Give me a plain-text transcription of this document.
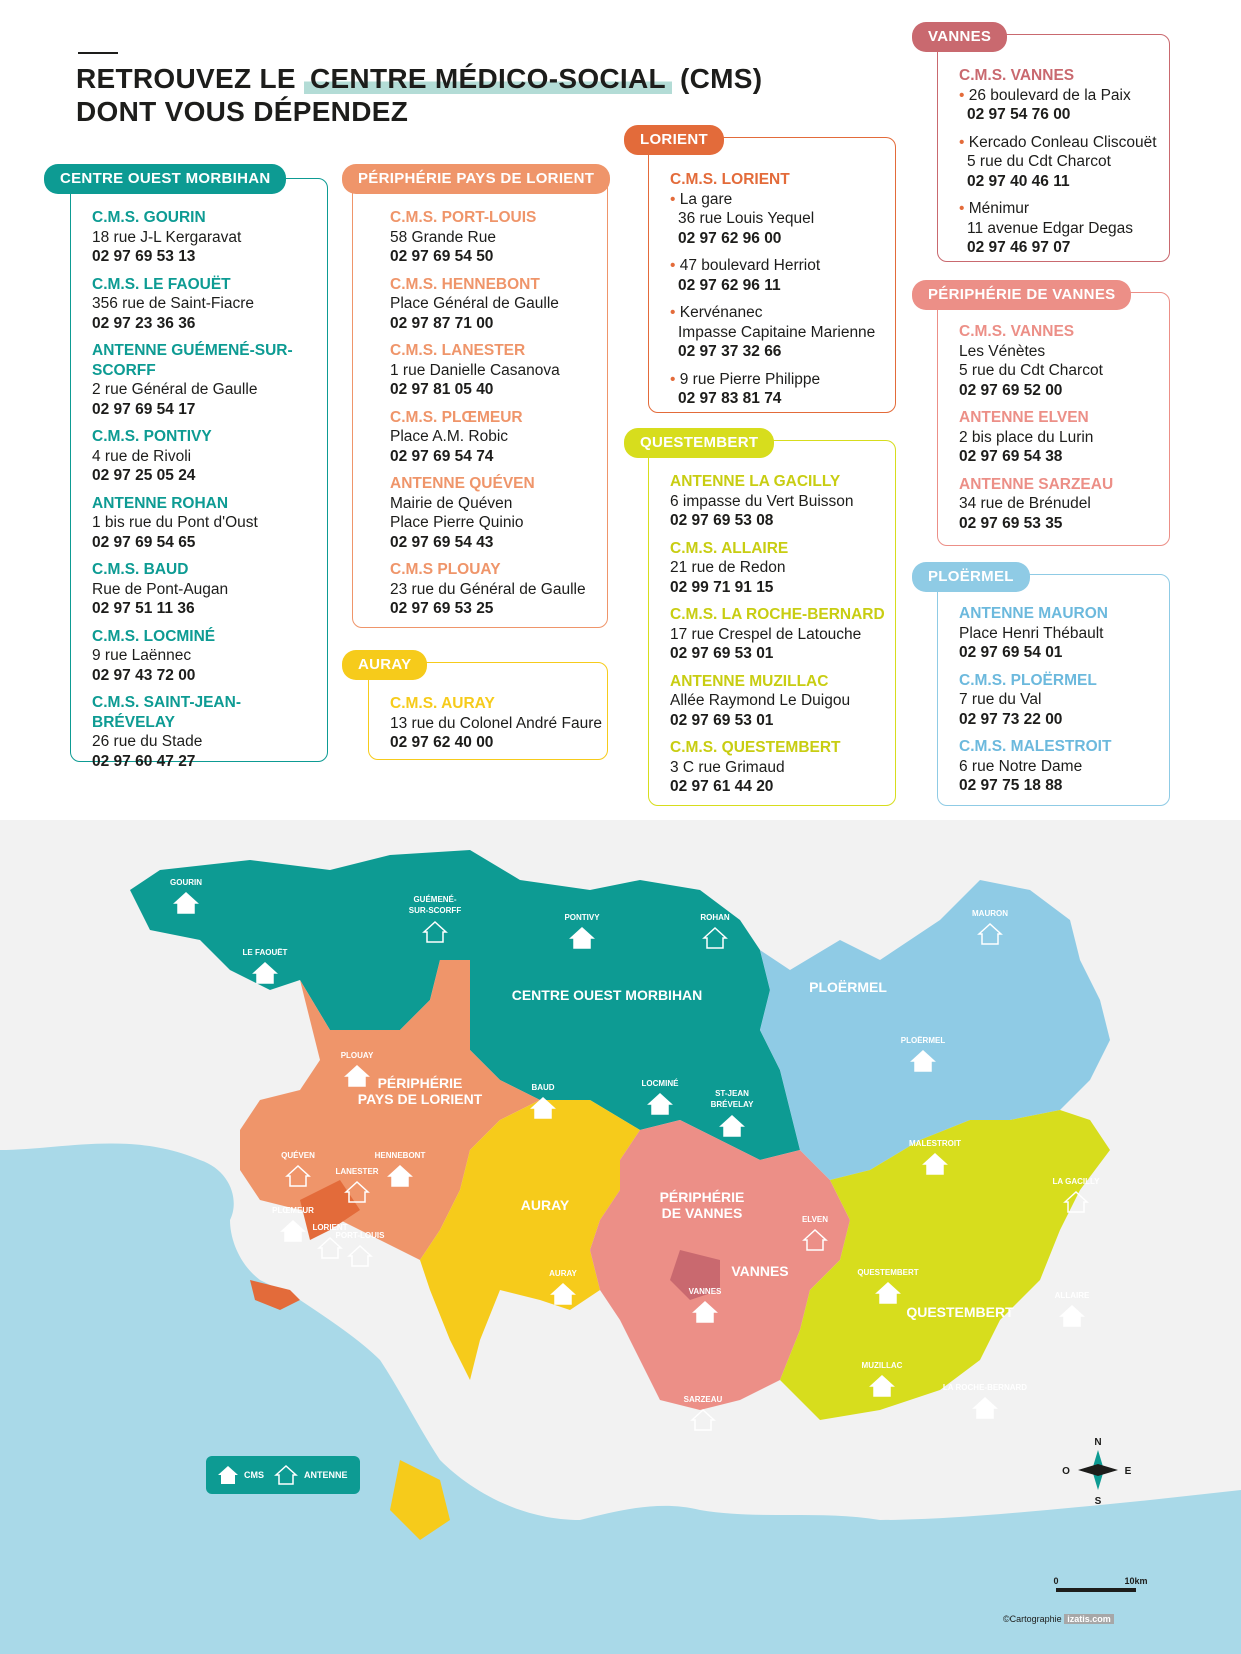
RETROUVEZ LE CENTRE MÉDICO-SOCIAL (CMS)
DONT VOUS DÉPENDEZ
CENTRE OUEST MORBIHAN
C.M.S. GOURIN
18 rue J-L Kergaravat
02 97 69 53 13
C.M.S. LE FAOUËT
356 rue de Saint-Fiacre
02 97 23 36 36
ANTENNE GUÉMENÉ-SUR-SCORFF
2 rue Général de Gaulle
02 97 69 54 17
C.M.S. PONTIVY
4 rue de Rivoli
02 97 25 05 24
ANTENNE ROHAN
1 bis rue du Pont d'Oust
02 97 69 54 65
C.M.S. BAUD
Rue de Pont-Augan
02 97 51 11 36
C.M.S. LOCMINÉ
9 rue Laënnec
02 97 43 72 00
C.M.S. SAINT-JEAN-BRÉVELAY
26 rue du Stade
02 97 60 47 27
PÉRIPHÉRIE PAYS DE LORIENT
C.M.S. PORT-LOUIS
58 Grande Rue
02 97 69 54 50
C.M.S. HENNEBONT
Place Général de Gaulle
02 97 87 71 00
C.M.S. LANESTER
1 rue Danielle Casanova
02 97 81 05 40
C.M.S. PLŒMEUR
Place A.M. Robic
02 97 69 54 74
ANTENNE QUÉVEN
Mairie de Quéven
Place Pierre Quinio
02 97 69 54 43
C.M.S PLOUAY
23 rue du Général de Gaulle
02 97 69 53 25
AURAY
C.M.S. AURAY
13 rue du Colonel André Faure
02 97 62 40 00
LORIENT
C.M.S. LORIENT
• La gare
36 rue Louis Yequel
02 97 62 96 00
• 47 boulevard Herriot
02 97 62 96 11
• Kervénanec
Impasse Capitaine Marienne
02 97 37 32 66
• 9 rue Pierre Philippe
02 97 83 81 74
QUESTEMBERT
ANTENNE LA GACILLY
6 impasse du Vert Buisson
02 97 69 53 08
C.M.S. ALLAIRE
21 rue de Redon
02 99 71 91 15
C.M.S. LA ROCHE-BERNARD
17 rue Crespel de Latouche
02 97 69 53 01
ANTENNE MUZILLAC
Allée Raymond Le Duigou
02 97 69 53 01
C.M.S. QUESTEMBERT
3 C rue Grimaud
02 97 61 44 20
VANNES
C.M.S. VANNES
• 26 boulevard de la Paix
02 97 54 76 00
• Kercado Conleau Cliscouët
5 rue du Cdt Charcot
02 97 40 46 11
• Ménimur
11 avenue Edgar Degas
02 97 46 97 07
PÉRIPHÉRIE DE VANNES
C.M.S. VANNES
Les Vénètes
5 rue du Cdt Charcot
02 97 69 52 00
ANTENNE ELVEN
2 bis place du Lurin
02 97 69 54 38
ANTENNE SARZEAU
34 rue de Brénudel
02 97 69 53 35
PLOËRMEL
ANTENNE MAURON
Place Henri Thébault
02 97 69 54 01
C.M.S. PLOËRMEL
7 rue du Val
02 97 73 22 00
C.M.S. MALESTROIT
6 rue Notre Dame
02 97 75 18 88
CENTRE OUEST MORBIHAN	PLOËRMEL
PÉRIPHÉRIE
PAYS DE LORIENT
AURAY	PÉRIPHÉRIE
DE VANNES
VANNES
QUESTEMBERT
GOURIN
LE FAOUËT
GUÉMENÉ-
SUR-SCORFF
PONTIVY	ROHAN	MAURON
PLOËRMEL
PLOUAY
BAUD	LOCMINÉ
ST-JEAN
BRÉVELAY
MALESTROIT
QUÉVEN	HENNEBONT
LANESTER
PLŒMEUR
LORIENT
PORT-LOUIS
LA GACILLY
ELVEN
AURAY
VANNES
QUESTEMBERT
ALLAIRE
MUZILLAC
SARZEAU
LA ROCHE-BERNARD
N
S
E
O
0	10km
CMS	ANTENNE
©Cartographie izatis.com
